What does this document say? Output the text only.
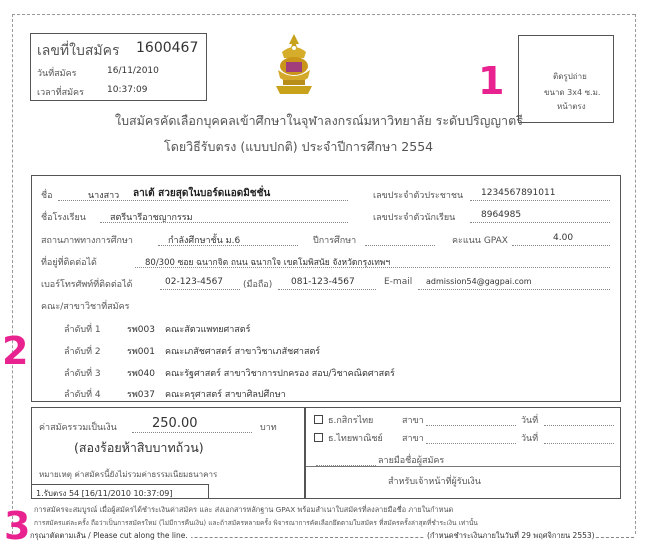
เลขที่ใบสมัคร 1600467
วันที่สมัคร	16/11/2010
เวลาที่สมัคร	10:37:09
ติดรูปถ่าย
ขนาด 3x4 ซ.ม.
หน้าตรง
1
ใบสมัครคัดเลือกบุคคลเข้าศึกษาในจุฬาลงกรณ์มหาวิทยาลัย ระดับปริญญาตรี
โดยวิธีรับตรง (แบบปกติ) ประจำปีการศึกษา 2554
ชื่อ	นางสาว ลาเต้ สวยสุดในบอร์ดแอดมิชชั่น	เลขประจำตัวประชาชน 1234567891011
ชื่อโรงเรียน	สตรีนารีอาชญากรรม	เลขประจำตัวนักเรียน	8964985
สถานภาพทางการศึกษา	กำลังศึกษาชั้น ม.6	ปีการศึกษา	คะแนน GPAX	4.00
ที่อยู่ที่ติดต่อได้	80/300 ซอย ฉนากจิต ถนน ฉนากใจ เขตโมพิสนัย จังหวัดกรุงเทพฯ
เบอร์โทรศัพท์ที่ติดต่อได้	02-123-4567 (มือถือ) 081-123-4567	E-mail admission54@gagpai.com
คณะ/สาขาวิชาที่สมัคร
ลำดับที่ 1	รพ003 คณะสัตวแพทยศาสตร์
ลำดับที่ 2	รพ001 คณะเภสัชศาสตร์ สาขาวิชาเภสัชศาสตร์
ลำดับที่ 3	รพ040 คณะรัฐศาสตร์ สาขาวิชาการปกครอง สอบ/วิชาคณิตศาสตร์
ลำดับที่ 4	รพ037 คณะครุศาสตร์ สาขาศิลปศึกษา
2
ค่าสมัครรวมเป็นเงิน	250.00	บาท
(สองร้อยห้าสิบบาทถ้วน)
หมายเหตุ ค่าสมัครนี้ยังไม่รวมค่าธรรมเนียมธนาคาร
1.รับตรง 54 [16/11/2010 10:37:09]
ธ.กสิกรไทย	สาขา	วันที่
ธ.ไทยพาณิชย์ สาขา	วันที่
ลายมือชื่อผู้สมัคร
สำหรับเจ้าหน้าที่ผู้รับเงิน
3 การสมัครจะสมบูรณ์ เมื่อผู้สมัครได้ชำระเงินค่าสมัคร และ ส่งเอกสารหลักฐาน GPAX พร้อมสำเนาใบสมัครที่ลงลายมือชื่อ ภายในกำหนด
การสมัครแต่ละครั้ง ถือว่าเป็นการสมัครใหม่ (ไม่มีการคืนเงิน) และถ้าสมัครหลายครั้ง พิจารณาการคัดเลือกยึดตามใบสมัคร ที่สมัครครั้งล่าสุดที่ชำระเงิน เท่านั้น
กรุณาตัดตามเส้น / Please cut along the line.	(กำหนดชำระเงินภายในวันที่ 29 พฤศจิกายน 2553)
